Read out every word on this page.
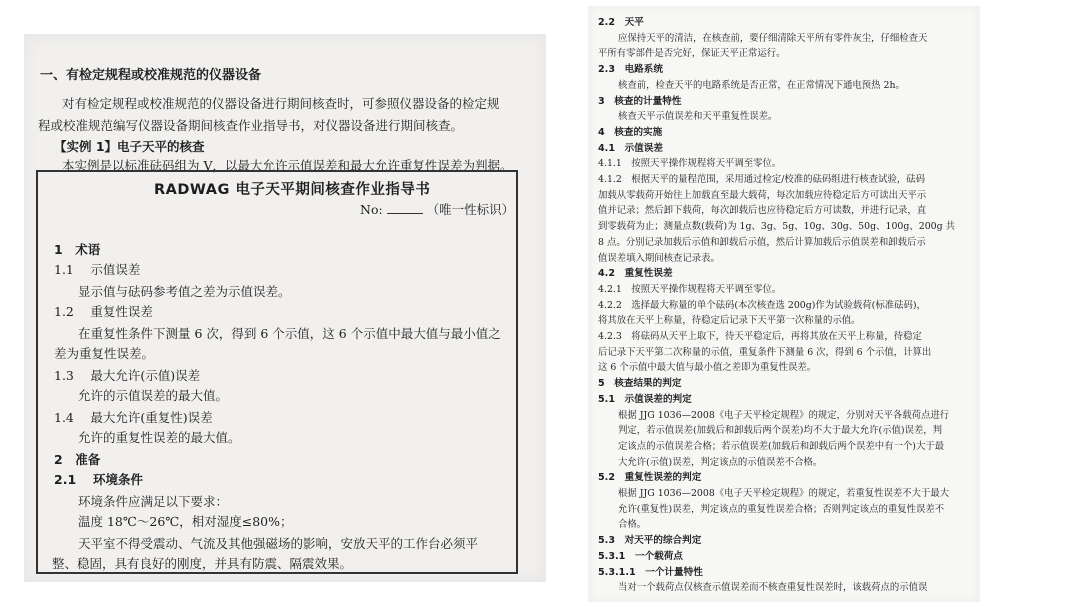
一、有检定规程或校准规范的仪器设备
对有检定规程或校准规范的仪器设备进行期间核查时，可参照仪器设备的检定规
程或校准规范编写仪器设备期间核查作业指导书，对仪器设备进行期间核查。
【实例 1】电子天平的核查
本实例是以标准砝码组为 V，以最大允许示值误差和最大允许重复性误差为判据。
RADWAG 电子天平期间核查作业指导书
No:	（唯一性标识）
1　术语
1.1　 示值误差
显示值与砝码参考值之差为示值误差。
1.2　 重复性误差
在重复性条件下测量 6 次，得到 6 个示值，这 6 个示值中最大值与最小值之
差为重复性误差。
1.3　 最大允许(示值)误差
允许的示值误差的最大值。
1.4　 最大允许(重复性)误差
允许的重复性误差的最大值。
2　准备
2.1　 环境条件
环境条件应满足以下要求：
温度 18℃～26℃，相对湿度≤80%；
天平室不得受震动、气流及其他强磁场的影响，安放天平的工作台必须平
整、稳固，具有良好的刚度，并具有防震、隔震效果。
2.2　天平
应保持天平的清洁，在核查前，要仔细清除天平所有零件灰尘，仔细检查天
平所有零部件是否完好，保证天平正常运行。
2.3　电路系统
核查前，检查天平的电路系统是否正常，在正常情况下通电预热 2h。
3　核查的计量特性
核查天平示值误差和天平重复性误差。
4　核查的实施
4.1　示值误差
4.1.1　按照天平操作规程将天平调至零位。
4.1.2　根据天平的量程范围，采用通过检定/校准的砝码组进行核查试验，砝码
加载从零载荷开始往上加载直至最大载荷，每次加载应待稳定后方可读出天平示
值并记录；然后卸下载荷，每次卸载后也应待稳定后方可读数，并进行记录，直
到零载荷为止；测量点数(载荷)为 1g、3g、5g、10g、30g、50g、100g、200g 共
8 点。分别记录加载后示值和卸载后示值，然后计算加载后示值误差和卸载后示
值误差填入期间核查记录表。
4.2　重复性误差
4.2.1　按照天平操作规程将天平调至零位。
4.2.2　选择最大称量的单个砝码(本次核查选 200g)作为试验载荷(标准砝码)，
将其放在天平上称量，待稳定后记录下天平第一次称量的示值。
4.2.3　将砝码从天平上取下，待天平稳定后，再将其放在天平上称量，待稳定
后记录下天平第二次称量的示值，重复条件下测量 6 次，得到 6 个示值，计算出
这 6 个示值中最大值与最小值之差即为重复性误差。
5　核查结果的判定
5.1　示值误差的判定
根据 JJG 1036—2008《电子天平检定规程》的规定，分别对天平各载荷点进行
判定，若示值误差(加载后和卸载后两个误差)均不大于最大允许(示值)误差，判
定该点的示值误差合格；若示值误差(加载后和卸载后两个误差中有一个)大于最
大允许(示值)误差，判定该点的示值误差不合格。
5.2　重复性误差的判定
根据 JJG 1036—2008《电子天平检定规程》的规定，若重复性误差不大于最大
允许(重复性)误差，判定该点的重复性误差合格；否则判定该点的重复性误差不
合格。
5.3　对天平的综合判定
5.3.1　一个载荷点
5.3.1.1　一个计量特性
当对一个载荷点仅核查示值误差而不核查重复性误差时，该载荷点的示值误
